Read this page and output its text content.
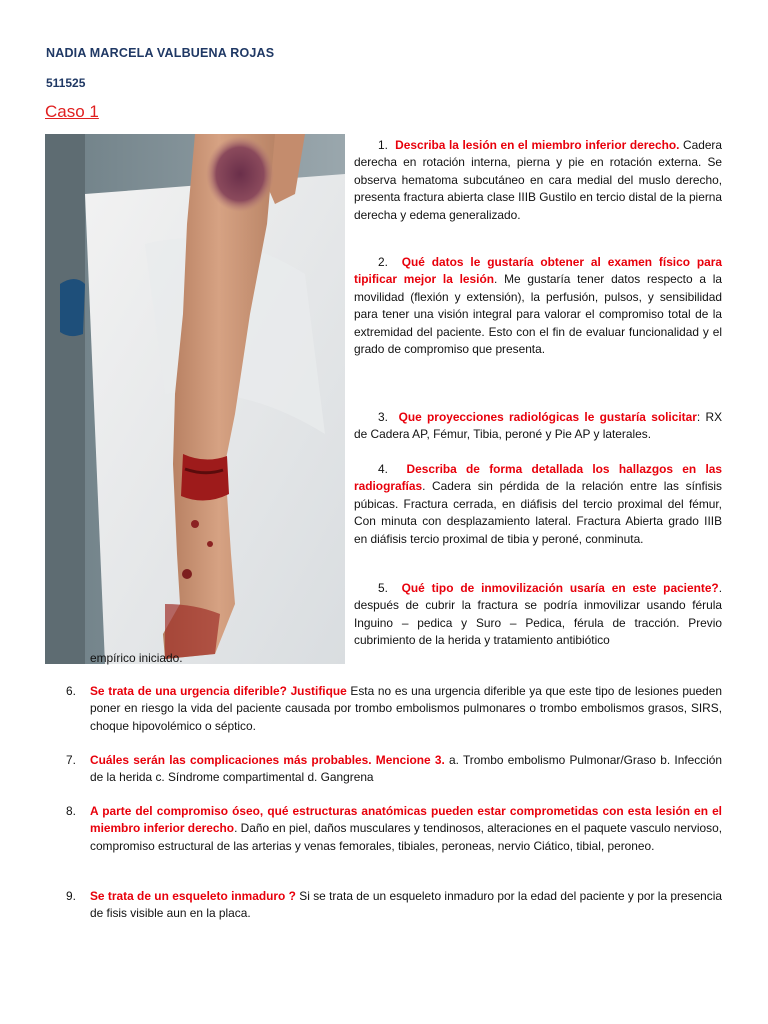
NADIA MARCELA VALBUENA ROJAS
511525
Caso 1
1. Describa la lesión en el miembro inferior derecho. Cadera derecha en rotación interna, pierna y pie en rotación externa. Se observa hematoma subcutáneo en cara medial del muslo derecho, presenta fractura abierta clase IIIB Gustilo en tercio distal de la pierna derecha y edema generalizado.
2. Qué datos le gustaría obtener al examen físico para tipificar mejor la lesión. Me gustaría tener datos respecto a la movilidad (flexión y extensión), la perfusión, pulsos, y sensibilidad para tener una visión integral para valorar el compromiso total de la extremidad del paciente. Esto con el fin de evaluar funcionalidad y el grado de compromiso que presenta.
3. Que proyecciones radiológicas le gustaría solicitar: RX de Cadera AP, Fémur, Tibia, peroné y Pie AP y laterales.
4. Describa de forma detallada los hallazgos en las radiografías. Cadera sin pérdida de la relación entre las sínfisis púbicas. Fractura cerrada, en diáfisis del tercio proximal del fémur, Con minuta con desplazamiento lateral. Fractura Abierta grado IIIB en diáfisis tercio proximal de tibia y peroné, conminuta.
5. Qué tipo de inmovilización usaría en este paciente?. después de cubrir la fractura se podría inmovilizar usando férula Inguino – pedica y Suro – Pedica, férula de tracción. Previo cubrimiento de la herida y tratamiento antibiótico
empírico iniciado.
6. Se trata de una urgencia diferible? Justifique Esta no es una urgencia diferible ya que este tipo de lesiones pueden poner en riesgo la vida del paciente causada por trombo embolismos pulmonares o trombo embolismos grasos, SIRS, choque hipovolémico o séptico.
7. Cuáles serán las complicaciones más probables. Mencione 3. a. Trombo embolismo Pulmonar/Graso b. Infección de la herida c. Síndrome compartimental d. Gangrena
8. A parte del compromiso óseo, qué estructuras anatómicas pueden estar comprometidas con esta lesión en el miembro inferior derecho. Daño en piel, daños musculares y tendinosos, alteraciones en el paquete vasculo nervioso, compromiso estructural de las arterias y venas femorales, tibiales, peroneas, nervio Ciático, tibial, peroneo.
9. Se trata de un esqueleto inmaduro ? Si se trata de un esqueleto inmaduro por la edad del paciente y por la presencia de fisis visible aun en la placa.
